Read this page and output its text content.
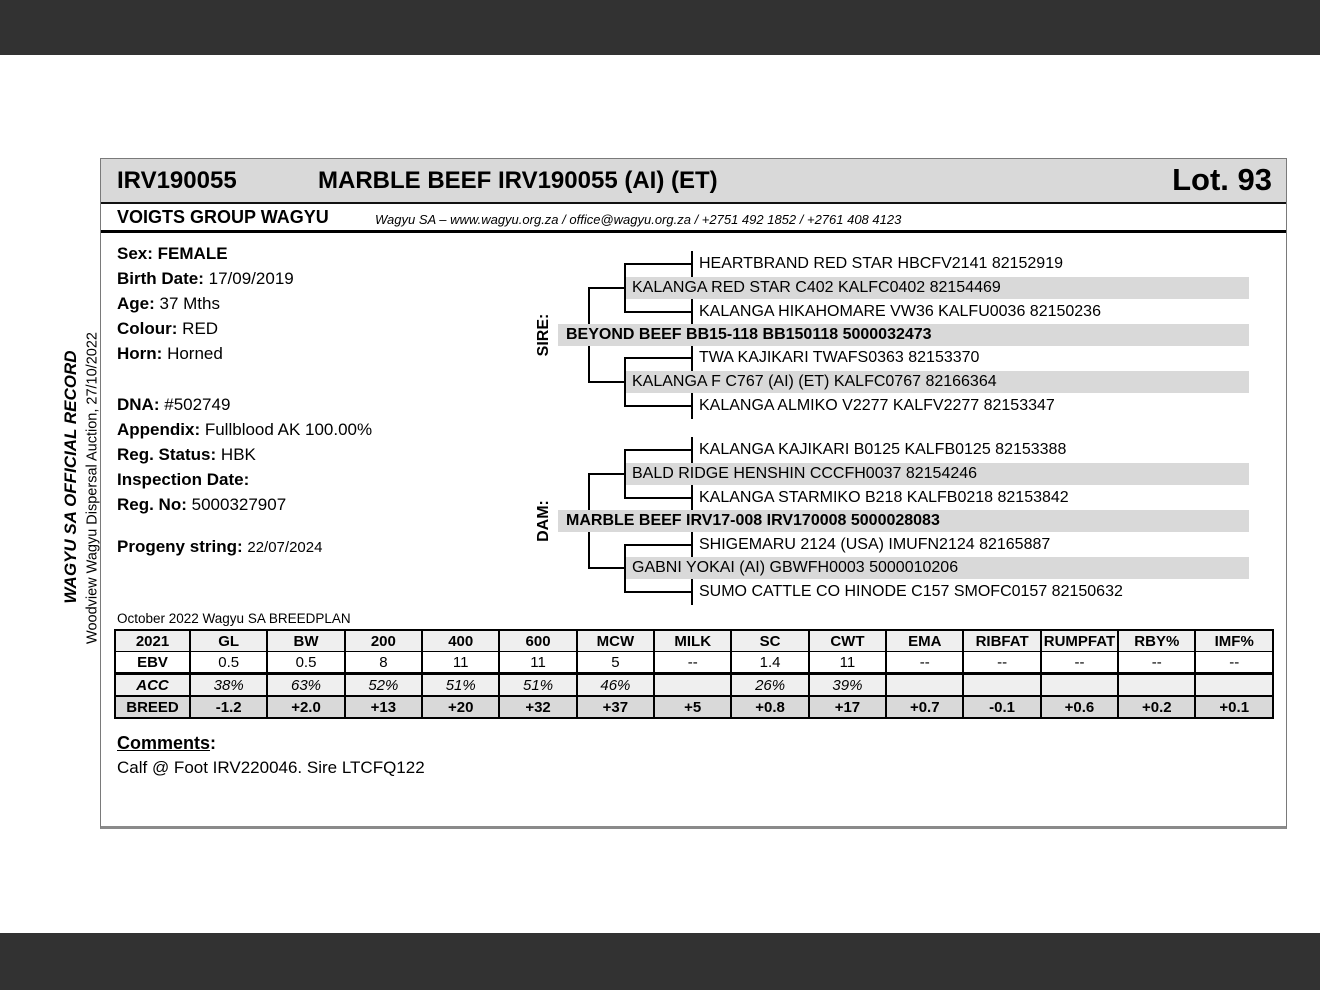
WAGYU SA OFFICIAL RECORD Woodview Wagyu Dispersal Auction, 27/10/2022
IRV190055	MARBLE BEEF IRV190055 (AI) (ET)	Lot. 93
VOIGTS GROUP WAGYU	Wagyu SA – www.wagyu.org.za / office@wagyu.org.za / +2751 492 1852 / +2761 408 4123
Sex: FEMALE
Birth Date: 17/09/2019
Age: 37 Mths
Colour: RED
Horn: Horned
DNA: #502749
Appendix: Fullblood AK 100.00%
Reg. Status: HBK
Inspection Date:
Reg. No: 5000327907
Progeny string: 22/07/2024
SIRE:
HEARTBRAND RED STAR HBCFV2141 82152919
KALANGA RED STAR C402 KALFC0402 82154469
KALANGA HIKAHOMARE VW36 KALFU0036 82150236
BEYOND BEEF BB15-118 BB150118 5000032473
TWA KAJIKARI TWAFS0363 82153370
KALANGA F C767 (AI) (ET) KALFC0767 82166364
KALANGA ALMIKO V2277 KALFV2277 82153347
DAM:
KALANGA KAJIKARI B0125 KALFB0125 82153388
BALD RIDGE HENSHIN CCCFH0037 82154246
KALANGA STARMIKO B218 KALFB0218 82153842
MARBLE BEEF IRV17-008 IRV170008 5000028083
SHIGEMARU 2124 (USA) IMUFN2124 82165887
GABNI YOKAI (AI) GBWFH0003 5000010206
SUMO CATTLE CO HINODE C157 SMOFC0157 82150632
October 2022 Wagyu SA BREEDPLAN
2021	GL	BW	200	400	600	MCW	MILK	SC	CWT	EMA	RIBFAT	RUMPFAT	RBY%	IMF%
EBV	0.5	0.5	8	11	11	5	--	1.4	11	--	--	--	--	--
ACC	38%	63%	52%	51%	51%	46%		26%	39%					
BREED	-1.2	+2.0	+13	+20	+32	+37	+5	+0.8	+17	+0.7	-0.1	+0.6	+0.2	+0.1
Comments:
Calf @ Foot IRV220046. Sire LTCFQ122
